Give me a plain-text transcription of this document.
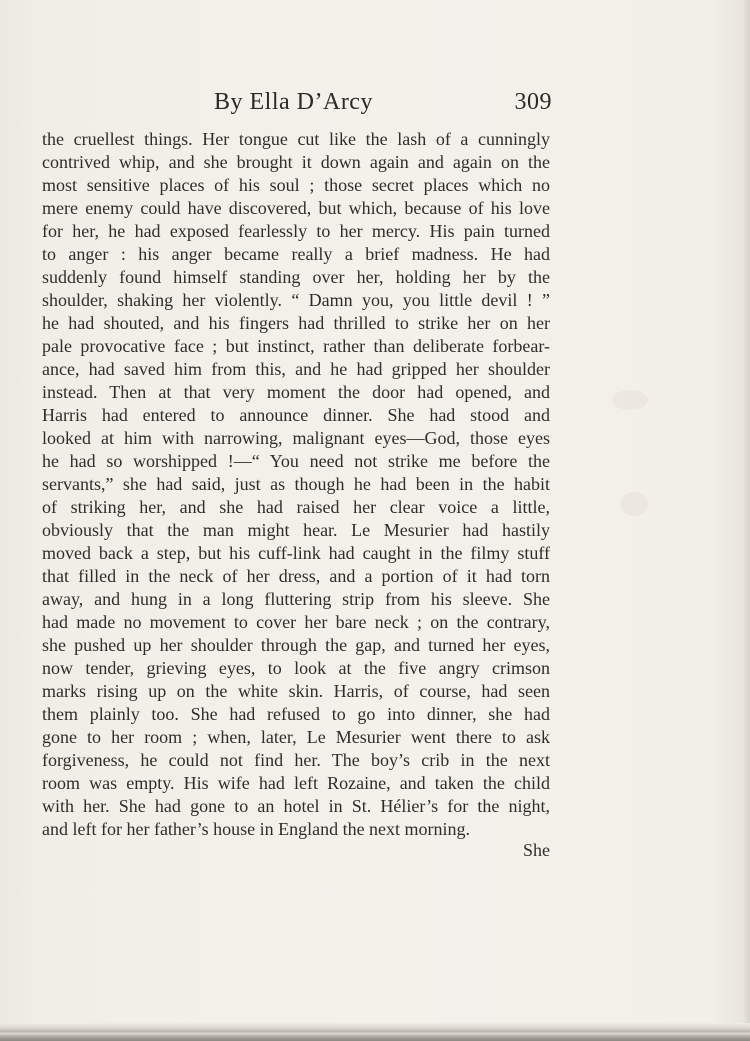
By Ella D’Arcy	309
the cruellest things. Her tongue cut like the lash of a cunningly
contrived whip, and she brought it down again and again on the
most sensitive places of his soul ; those secret places which no
mere enemy could have discovered, but which, because of his love
for her, he had exposed fearlessly to her mercy. His pain turned
to anger : his anger became really a brief madness. He had
suddenly found himself standing over her, holding her by the
shoulder, shaking her violently. “ Damn you, you little devil ! ”
he had shouted, and his fingers had thrilled to strike her on her
pale provocative face ; but instinct, rather than deliberate forbear-
ance, had saved him from this, and he had gripped her shoulder
instead. Then at that very moment the door had opened, and
Harris had entered to announce dinner. She had stood and
looked at him with narrowing, malignant eyes—God, those eyes
he had so worshipped !—“ You need not strike me before the
servants,” she had said, just as though he had been in the habit
of striking her, and she had raised her clear voice a little,
obviously that the man might hear. Le Mesurier had hastily
moved back a step, but his cuff-link had caught in the filmy stuff
that filled in the neck of her dress, and a portion of it had torn
away, and hung in a long fluttering strip from his sleeve. She
had made no movement to cover her bare neck ; on the contrary,
she pushed up her shoulder through the gap, and turned her eyes,
now tender, grieving eyes, to look at the five angry crimson
marks rising up on the white skin. Harris, of course, had seen
them plainly too. She had refused to go into dinner, she had
gone to her room ; when, later, Le Mesurier went there to ask
forgiveness, he could not find her. The boy’s crib in the next
room was empty. His wife had left Rozaine, and taken the child
with her. She had gone to an hotel in St. Hélier’s for the night,
and left for her father’s house in England the next morning.
She
